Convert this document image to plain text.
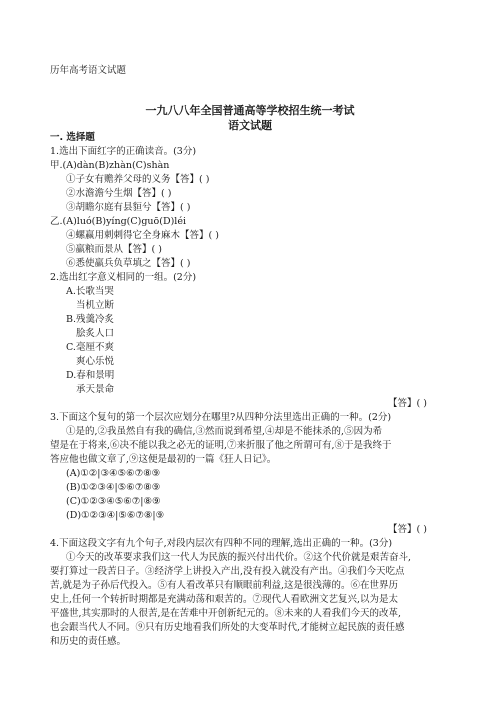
历年高考语文试题
一九八八年全国普通高等学校招生统一考试
语文试题
一. 选择题
1.选出下面红字的正确读音。(3分)
甲.(A)dàn(B)zhàn(C)shàn
①子女有赡养父母的义务【答】( )
②水澹澹兮生烟【答】( )
③胡瞻尔庭有县貆兮【答】( )
乙.(A)luó(B)yíng(C)guō(D)léi
④螺赢用刺刺得它全身麻木【答】( )
⑤羸粮而景从【答】( )
⑥悉使羸兵负草填之【答】( )
2.选出红字意义相同的一组。(2分)
A.长歌当哭
当机立断
B.残羹冷炙
脍炙人口
C.毫厘不爽
爽心乐悦
D.春和景明
承天景命
【答】( )
3.下面这个复句的第一个层次应划分在哪里?从四种分法里选出正确的一种。(2分)
①是的,②我虽然自有我的确信,③然而说到希望,④却是不能抹杀的,⑤因为希
望是在于将来,⑥决不能以我之必无的证明,⑦来折服了他之所谓可有,⑧于是我终于
答应他也做文章了,⑨这便是最初的一篇《狂人日记》。
(A)①②|③④⑤⑥⑦⑧⑨
(B)①②③④|⑤⑥⑦⑧⑨
(C)①②③④⑤⑥⑦|⑧⑨
(D)①②③④|⑤⑥⑦⑧|⑨
【答】( )
4.下面这段文字有九个句子,对段内层次有四种不同的理解,选出正确的一种。(3分)
①今天的改革要求我们这一代人为民族的振兴付出代价。②这个代价就是艰苦奋斗,
要打算过一段苦日子。③经济学上讲投入产出,没有投入就没有产出。④我们今天吃点
苦,就是为子孙后代投入。⑤有人看改革只有顺眼前利益,这是很浅薄的。⑥在世界历
史上,任何一个转折时期都是充满动荡和艰苦的。⑦现代人看欧洲文艺复兴,以为是太
平盛世,其实那时的人很苦,是在苦难中开创新纪元的。⑧未来的人看我们今天的改革,
也会跟当代人不同。⑨只有历史地看我们所处的大变革时代,才能树立起民族的责任感
和历史的责任感。
